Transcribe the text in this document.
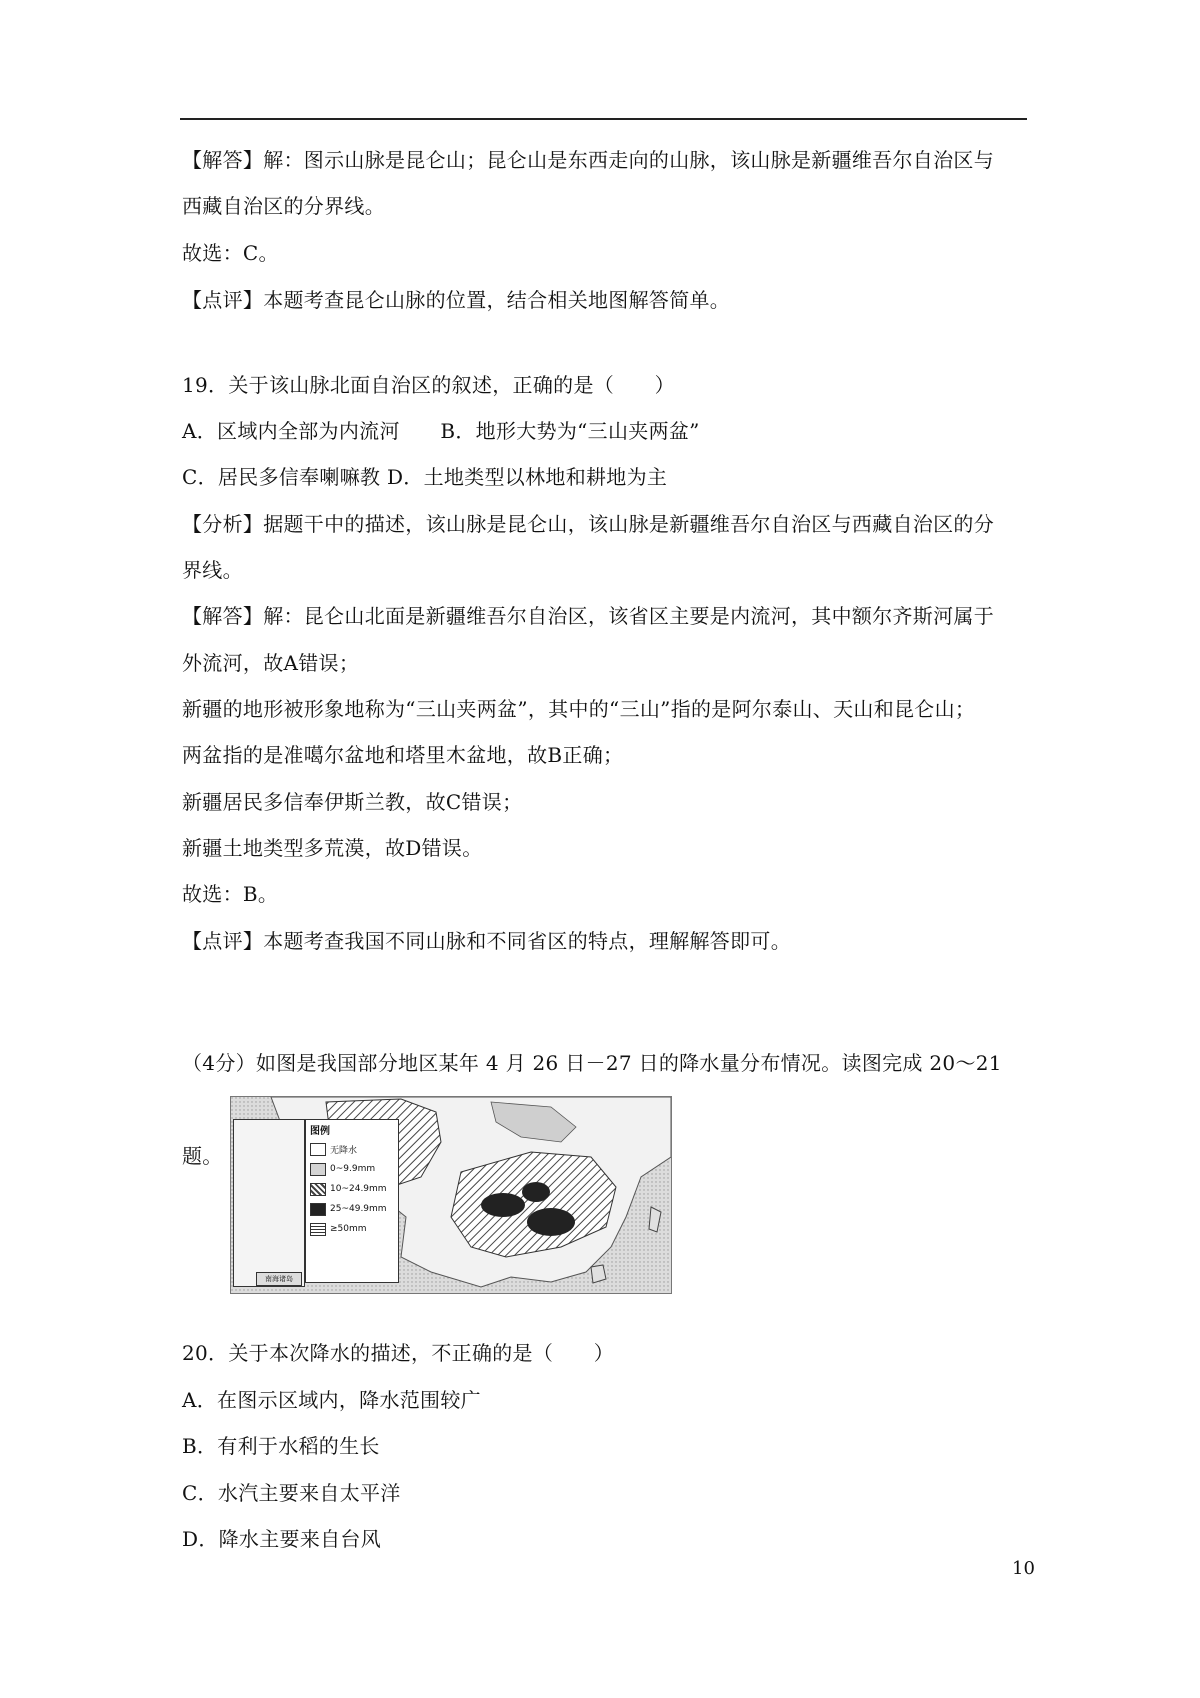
【解答】解：图示山脉是昆仑山；昆仑山是东西走向的山脉，该山脉是新疆维吾尔自治区与
西藏自治区的分界线。
故选：C。
【点评】本题考查昆仑山脉的位置，结合相关地图解答简单。
19．关于该山脉北面自治区的叙述，正确的是（　　）
A．区域内全部为内流河　　B．地形大势为“三山夹两盆”
C．居民多信奉喇嘛教 D．土地类型以林地和耕地为主
【分析】据题干中的描述，该山脉是昆仑山，该山脉是新疆维吾尔自治区与西藏自治区的分
界线。
【解答】解：昆仑山北面是新疆维吾尔自治区，该省区主要是内流河，其中额尔齐斯河属于
外流河，故A错误；
新疆的地形被形象地称为“三山夹两盆”，其中的“三山”指的是阿尔泰山、天山和昆仑山；
两盆指的是准噶尔盆地和塔里木盆地，故B正确；
新疆居民多信奉伊斯兰教，故C错误；
新疆土地类型多荒漠，故D错误。
故选：B。
【点评】本题考查我国不同山脉和不同省区的特点，理解解答即可。
（4分）如图是我国部分地区某年 4 月 26 日－27 日的降水量分布情况。读图完成 20～21
南海诸岛
图例
无降水
0~9.9mm
10~24.9mm
25~49.9mm
≥50mm
题。
20．关于本次降水的描述，不正确的是（　　）
A．在图示区域内，降水范围较广
B．有利于水稻的生长
C．水汽主要来自太平洋
D．降水主要来自台风
10
